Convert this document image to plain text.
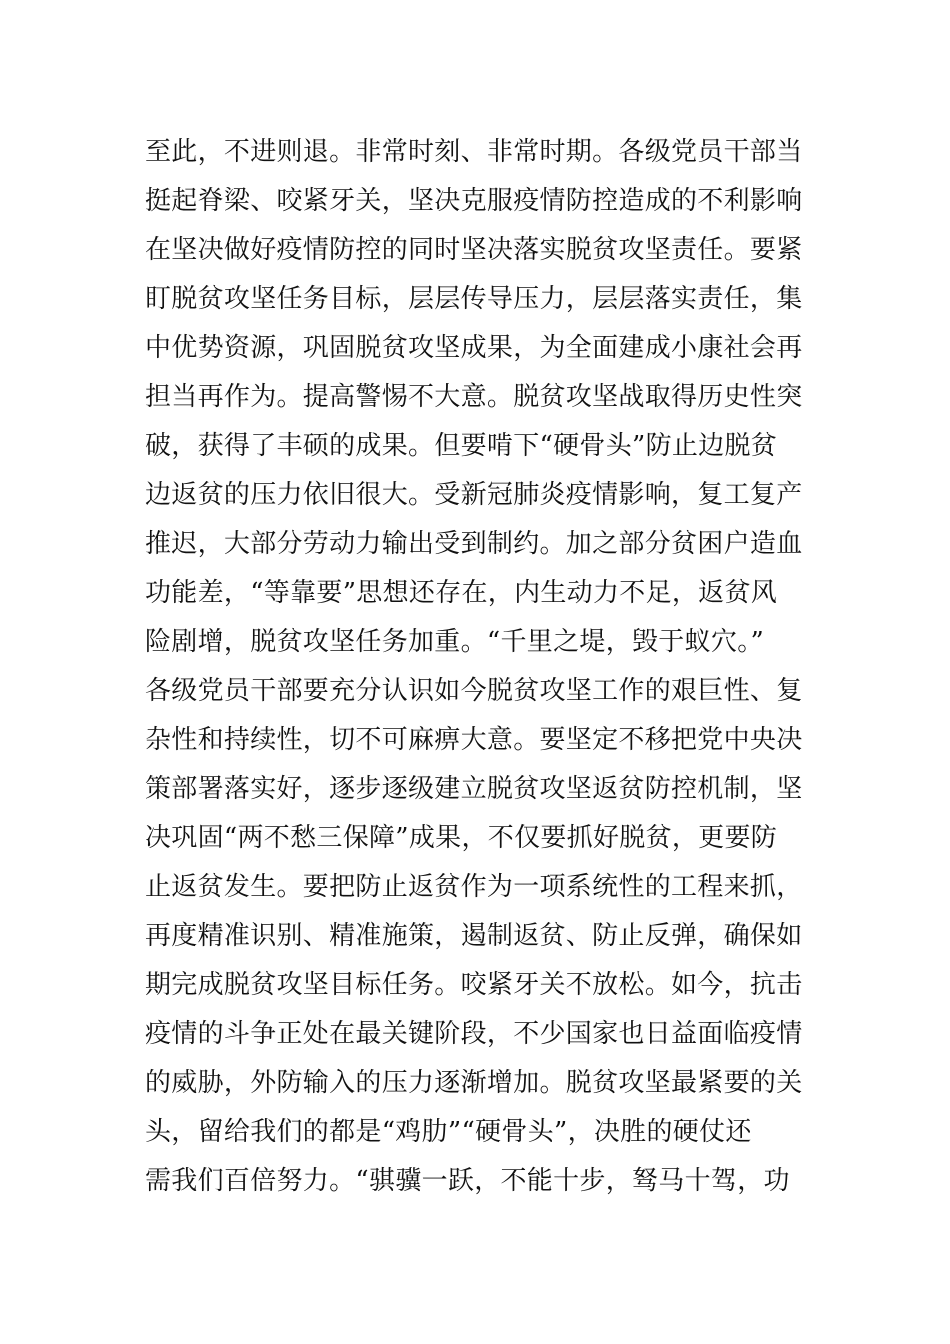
至此，不进则退。非常时刻、非常时期。各级党员干部当
挺起脊梁、咬紧牙关，坚决克服疫情防控造成的不利影响
在坚决做好疫情防控的同时坚决落实脱贫攻坚责任。要紧
盯脱贫攻坚任务目标，层层传导压力，层层落实责任，集
中优势资源，巩固脱贫攻坚成果，为全面建成小康社会再
担当再作为。提高警惕不大意。脱贫攻坚战取得历史性突
破，获得了丰硕的成果。但要啃下“硬骨头”防止边脱贫
边返贫的压力依旧很大。受新冠肺炎疫情影响，复工复产
推迟，大部分劳动力输出受到制约。加之部分贫困户造血
功能差，“等靠要”思想还存在，内生动力不足，返贫风
险剧增，脱贫攻坚任务加重。“千里之堤，毁于蚁穴。”
各级党员干部要充分认识如今脱贫攻坚工作的艰巨性、复
杂性和持续性，切不可麻痹大意。要坚定不移把党中央决
策部署落实好，逐步逐级建立脱贫攻坚返贫防控机制，坚
决巩固“两不愁三保障”成果，不仅要抓好脱贫，更要防
止返贫发生。要把防止返贫作为一项系统性的工程来抓，
再度精准识别、精准施策，遏制返贫、防止反弹，确保如
期完成脱贫攻坚目标任务。咬紧牙关不放松。如今，抗击
疫情的斗争正处在最关键阶段，不少国家也日益面临疫情
的威胁，外防输入的压力逐渐增加。脱贫攻坚最紧要的关
头，留给我们的都是“鸡肋”“硬骨头”，决胜的硬仗还
需我们百倍努力。“骐骥一跃，不能十步，驽马十驾，功
